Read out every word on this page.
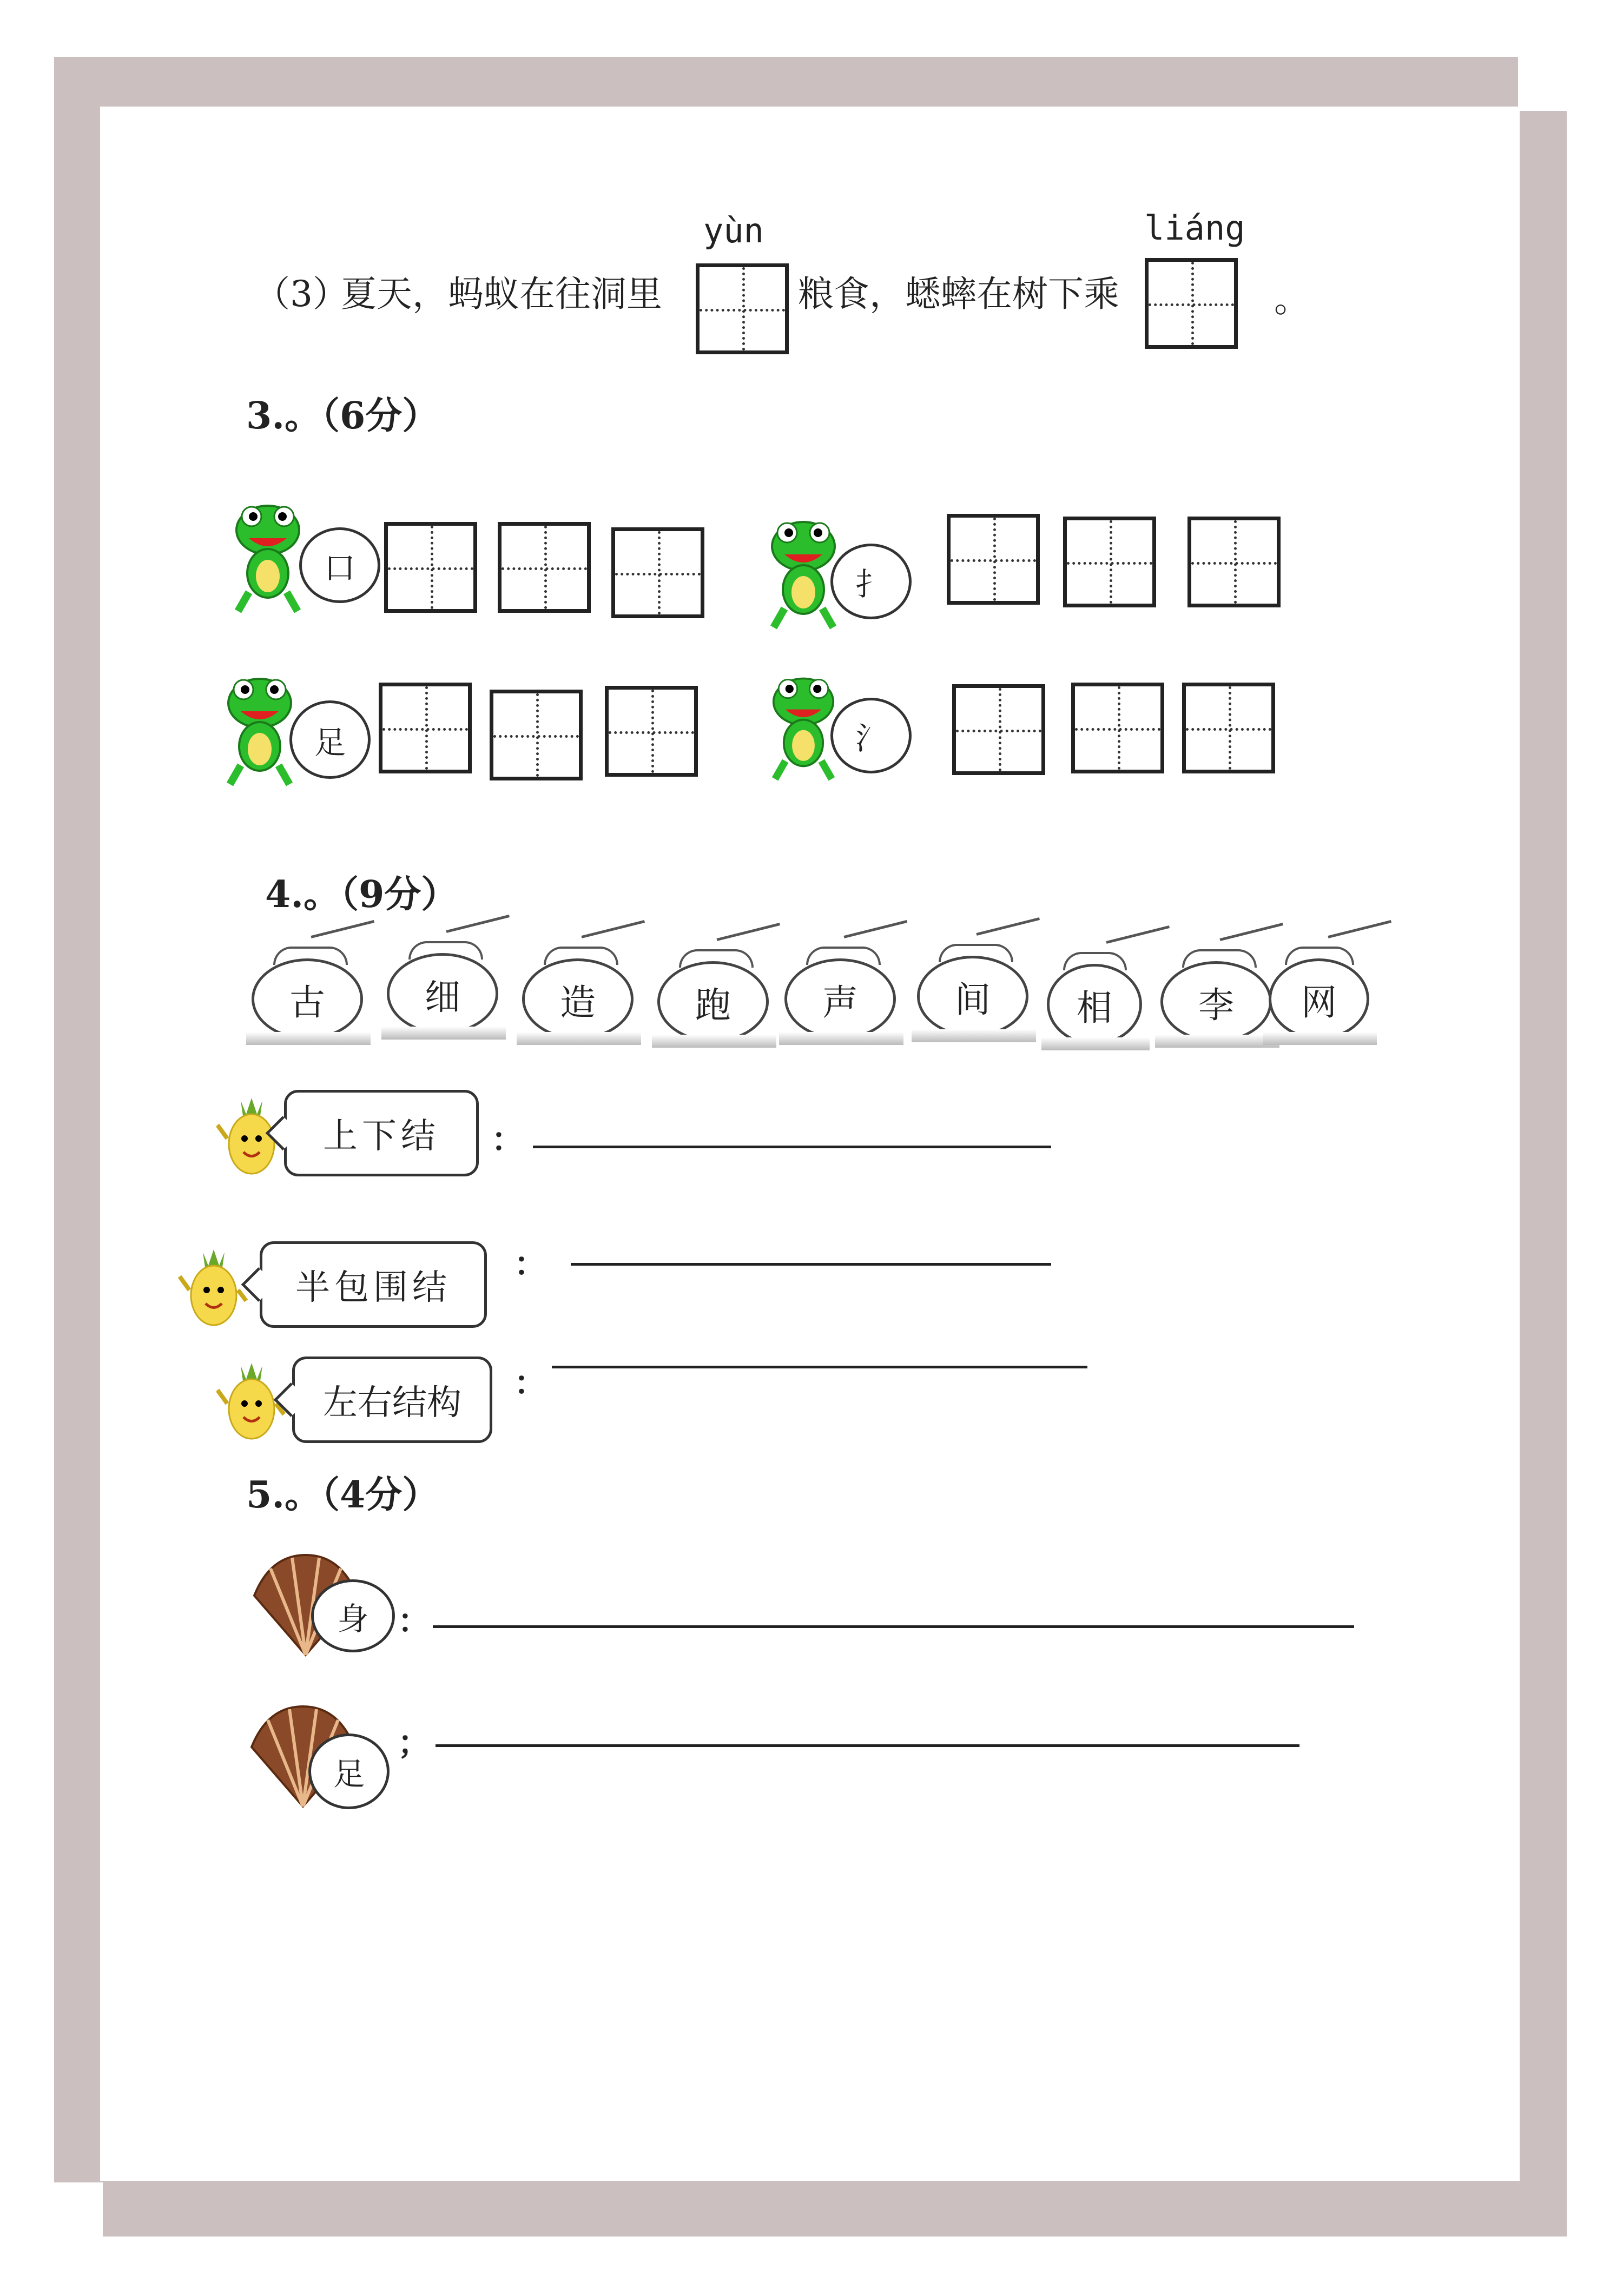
（3）
夏天，蚂蚁在往洞里
yùn
粮食，蟋蟀在树下乘
liáng
。
3.。（6分）
口	扌
足	氵
4.。（9分）
古	细	造	跑	声	间	相	李	网
上下结	：
半包围结
：
左右结构	：
5.。（4分）
身 ：
足
；
